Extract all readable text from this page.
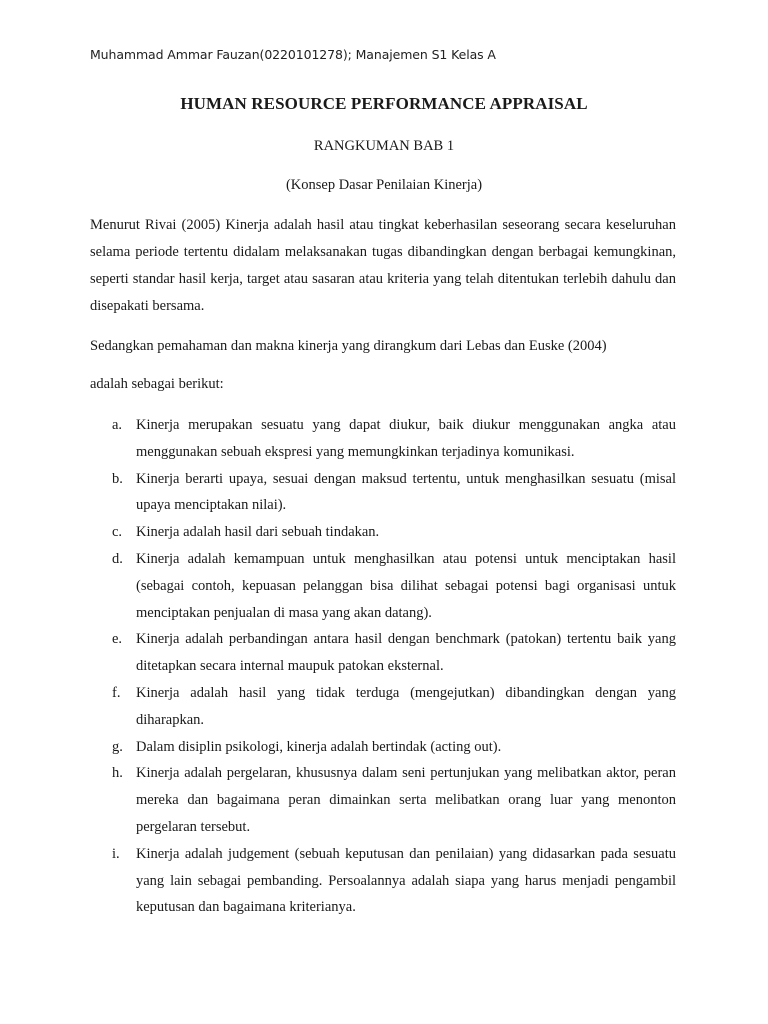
Muhammad Ammar Fauzan(0220101278); Manajemen S1 Kelas A
HUMAN RESOURCE PERFORMANCE APPRAISAL
RANGKUMAN BAB 1
(Konsep Dasar Penilaian Kinerja)

Menurut Rivai (2005) Kinerja adalah hasil atau tingkat keberhasilan seseorang secara keseluruhan selama periode tertentu didalam melaksanakan tugas dibandingkan dengan berbagai kemungkinan, seperti standar hasil kerja, target atau sasaran atau kriteria yang telah ditentukan terlebih dahulu dan disepakati bersama.

Sedangkan pemahaman dan makna kinerja yang dirangkum dari Lebas dan Euske (2004)

adalah sebagai berikut:

a. Kinerja merupakan sesuatu yang dapat diukur, baik diukur menggunakan angka atau menggunakan sebuah ekspresi yang memungkinkan terjadinya komunikasi.
b. Kinerja berarti upaya, sesuai dengan maksud tertentu, untuk menghasilkan sesuatu (misal upaya menciptakan nilai).
c. Kinerja adalah hasil dari sebuah tindakan.
d. Kinerja adalah kemampuan untuk menghasilkan atau potensi untuk menciptakan hasil (sebagai contoh, kepuasan pelanggan bisa dilihat sebagai potensi bagi organisasi untuk menciptakan penjualan di masa yang akan datang).
e. Kinerja adalah perbandingan antara hasil dengan benchmark (patokan) tertentu baik yang ditetapkan secara internal maupuk patokan eksternal.
f. Kinerja adalah hasil yang tidak terduga (mengejutkan) dibandingkan dengan yang diharapkan.
g. Dalam disiplin psikologi, kinerja adalah bertindak (acting out).
h. Kinerja adalah pergelaran, khususnya dalam seni pertunjukan yang melibatkan aktor, peran mereka dan bagaimana peran dimainkan serta melibatkan orang luar yang menonton pergelaran tersebut.
i. Kinerja adalah judgement (sebuah keputusan dan penilaian) yang didasarkan pada sesuatu yang lain sebagai pembanding. Persoalannya adalah siapa yang harus menjadi pengambil keputusan dan bagaimana kriterianya.
